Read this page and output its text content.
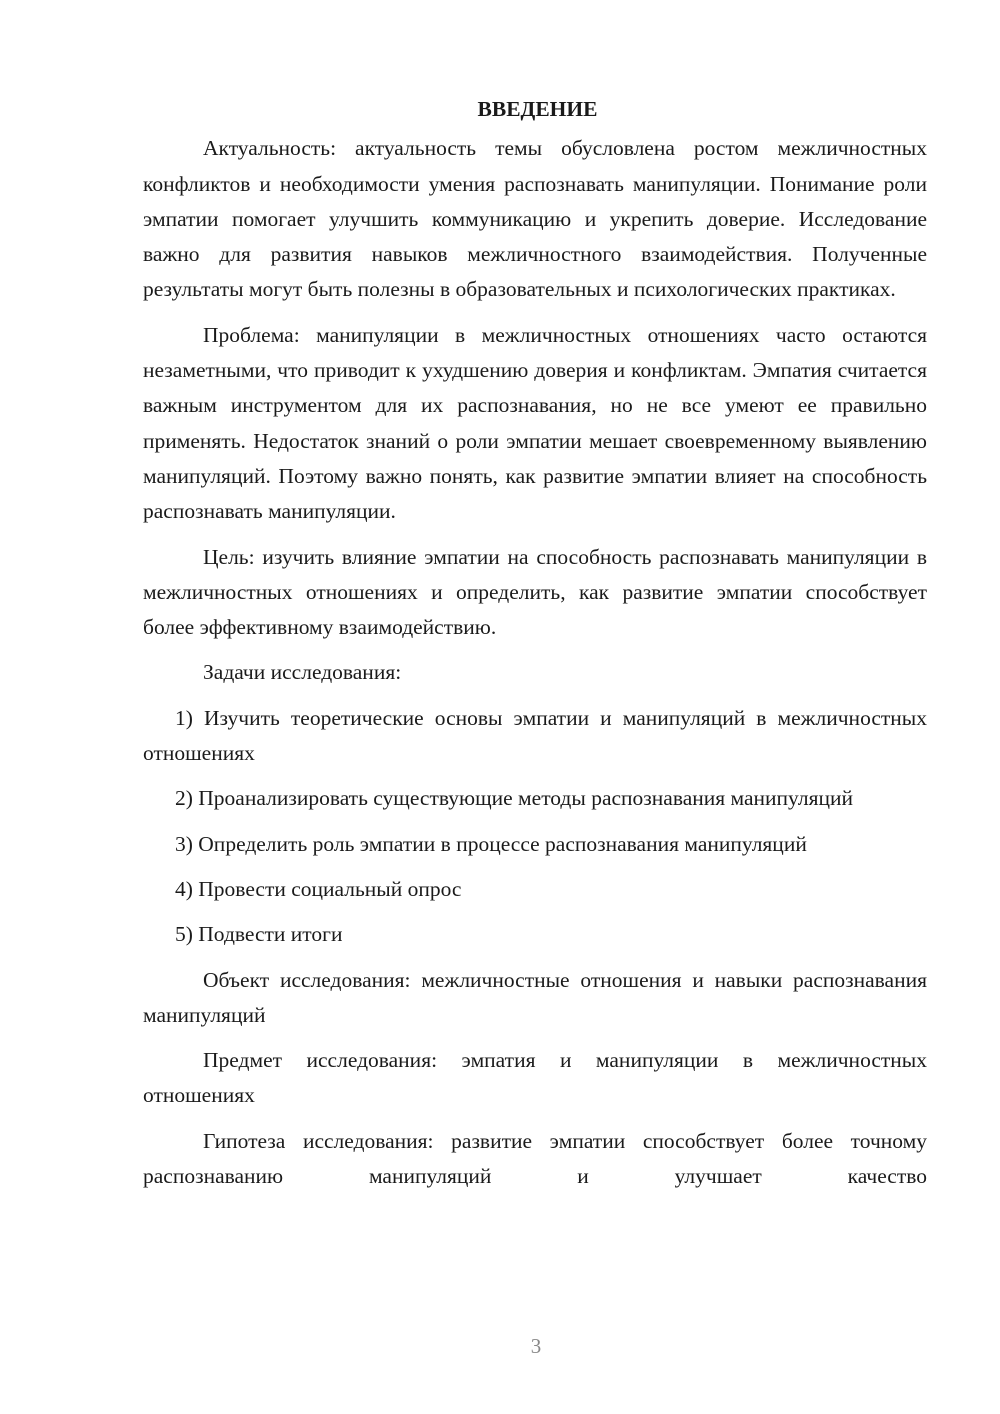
ВВЕДЕНИЕ
Актуальность: актуальность темы обусловлена ростом межличностных конфликтов и необходимости умения распознавать манипуляции. Понимание роли эмпатии помогает улучшить коммуникацию и укрепить доверие. Исследование важно для развития навыков межличностного взаимодействия. Полученные результаты могут быть полезны в образовательных и психологических практиках.
Проблема: манипуляции в межличностных отношениях часто остаются незаметными, что приводит к ухудшению доверия и конфликтам. Эмпатия считается важным инструментом для их распознавания, но не все умеют ее правильно применять. Недостаток знаний о роли эмпатии мешает своевременному выявлению манипуляций. Поэтому важно понять, как развитие эмпатии влияет на способность распознавать манипуляции.
Цель: изучить влияние эмпатии на способность распознавать манипуляции в межличностных отношениях и определить, как развитие эмпатии способствует более эффективному взаимодействию.
Задачи исследования:
1) Изучить теоретические основы эмпатии и манипуляций в межличностных отношениях
2) Проанализировать существующие методы распознавания манипуляций
3) Определить роль эмпатии в процессе распознавания манипуляций
4) Провести социальный опрос
5) Подвести итоги
Объект исследования: межличностные отношения и навыки распознавания манипуляций
Предмет исследования: эмпатия и манипуляции в межличностных отношениях
Гипотеза исследования: развитие эмпатии способствует более точному распознаванию манипуляций и улучшает качество
3
